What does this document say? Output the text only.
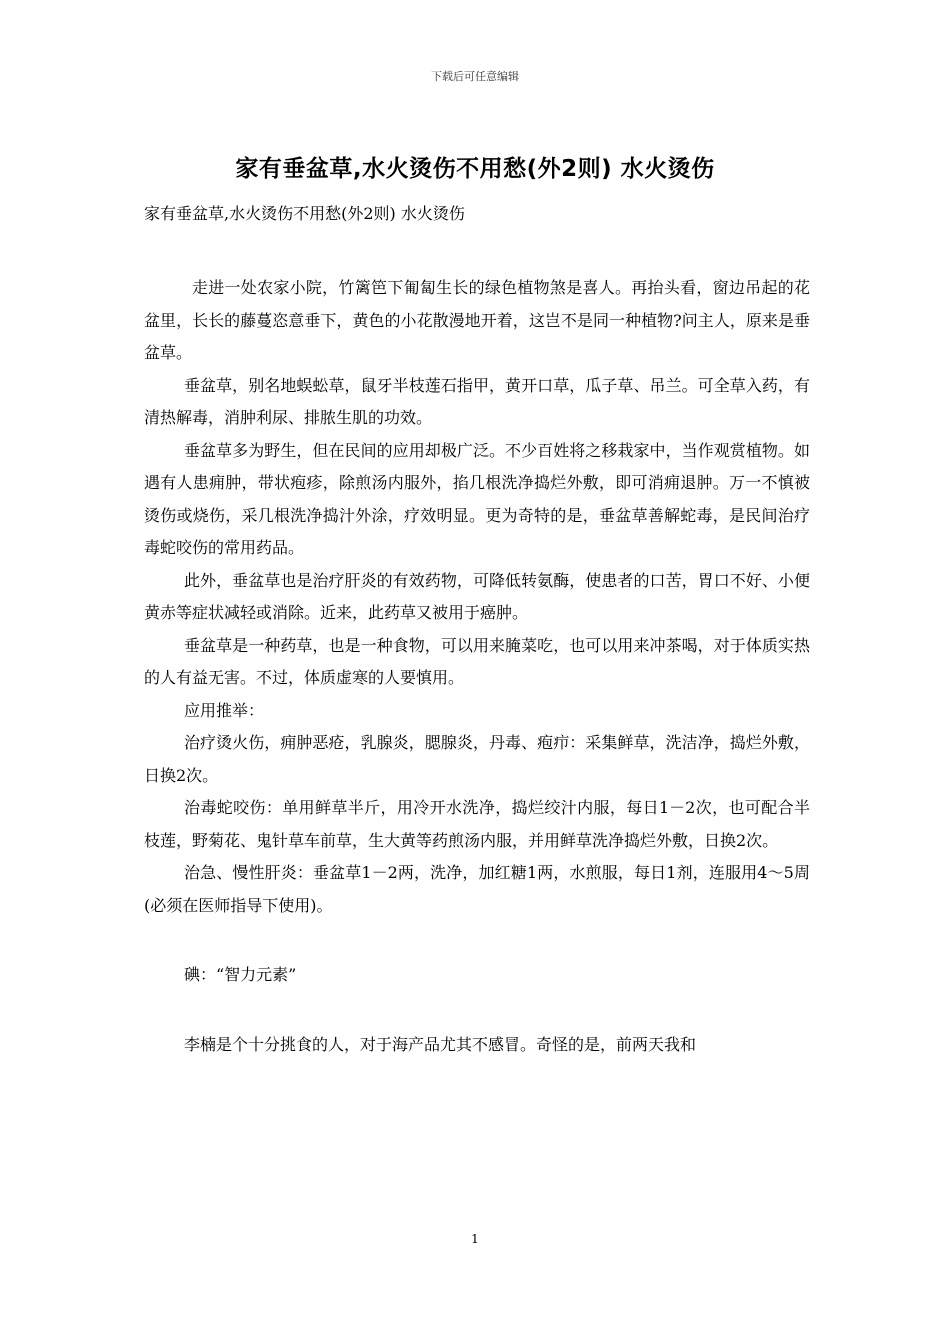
下载后可任意编辑
家有垂盆草,水火烫伤不用愁(外2则) 水火烫伤
家有垂盆草,水火烫伤不用愁(外2则) 水火烫伤

走进一处农家小院，竹篱笆下匍匐生长的绿色植物煞是喜人。再抬头看，窗边吊起的花盆里，长长的藤蔓恣意垂下，黄色的小花散漫地开着，这岂不是同一种植物?问主人，原来是垂盆草。

垂盆草，别名地蜈蚣草，鼠牙半枝莲石指甲，黄开口草，瓜子草、吊兰。可全草入药，有清热解毒，消肿利尿、排脓生肌的功效。

垂盆草多为野生，但在民间的应用却极广泛。不少百姓将之移栽家中，当作观赏植物。如遇有人患痈肿，带状疱疹，除煎汤内服外，掐几根洗净捣烂外敷，即可消痈退肿。万一不慎被烫伤或烧伤，采几根洗净捣汁外涂，疗效明显。更为奇特的是，垂盆草善解蛇毒，是民间治疗毒蛇咬伤的常用药品。

此外，垂盆草也是治疗肝炎的有效药物，可降低转氨酶，使患者的口苦，胃口不好、小便黄赤等症状减轻或消除。近来，此药草又被用于癌肿。

垂盆草是一种药草，也是一种食物，可以用来腌菜吃，也可以用来冲茶喝，对于体质实热的人有益无害。不过，体质虚寒的人要慎用。

应用推举：

治疗烫火伤，痈肿恶疮，乳腺炎，腮腺炎，丹毒、疱疖：采集鲜草，洗洁净，捣烂外敷，日换2次。

治毒蛇咬伤：单用鲜草半斤，用冷开水洗净，捣烂绞汁内服，每日1－2次，也可配合半枝莲，野菊花、鬼针草车前草，生大黄等药煎汤内服，并用鲜草洗净捣烂外敷，日换2次。

治急、慢性肝炎：垂盆草1－2两，洗净，加红糖1两，水煎服，每日1剂，连服用4～5周(必须在医师指导下使用)。

碘：“智力元素”

李楠是个十分挑食的人，对于海产品尤其不感冒。奇怪的是，前两天我和

1
